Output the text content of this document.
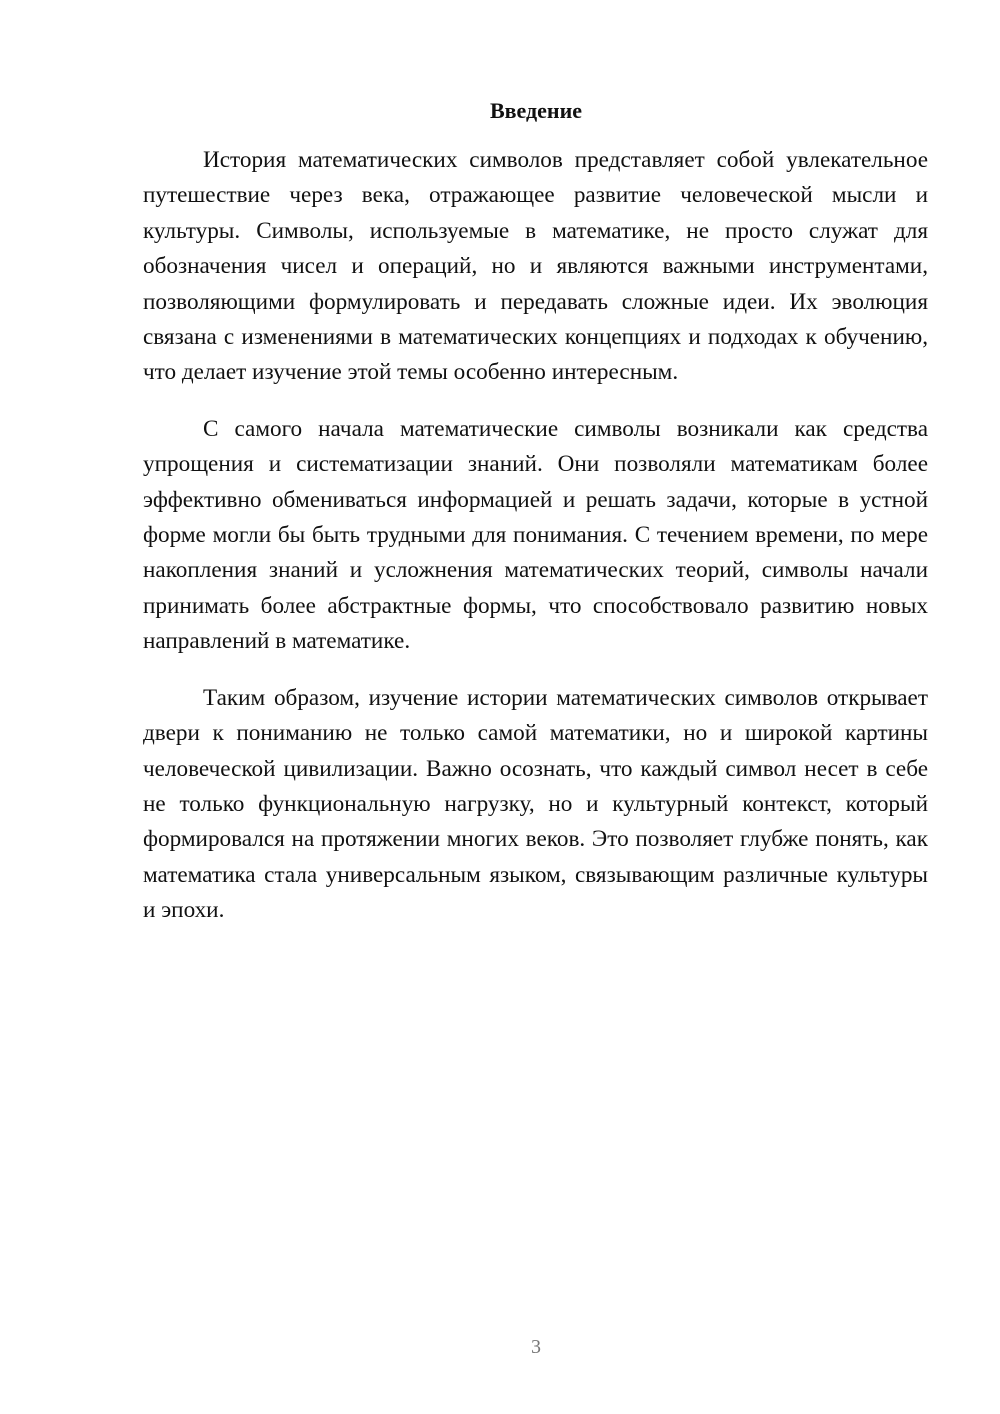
Введение

История математических символов представляет собой увлекательное путешествие через века, отражающее развитие человеческой мысли и культуры. Символы, используемые в математике, не просто служат для обозначения чисел и операций, но и являются важными инструментами, позволяющими формулировать и передавать сложные идеи. Их эволюция связана с изменениями в математических концепциях и подходах к обучению, что делает изучение этой темы особенно интересным.

С самого начала математические символы возникали как средства упрощения и систематизации знаний. Они позволяли математикам более эффективно обмениваться информацией и решать задачи, которые в устной форме могли бы быть трудными для понимания. С течением времени, по мере накопления знаний и усложнения математических теорий, символы начали принимать более абстрактные формы, что способствовало развитию новых направлений в математике.

Таким образом, изучение истории математических символов открывает двери к пониманию не только самой математики, но и широкой картины человеческой цивилизации. Важно осознать, что каждый символ несет в себе не только функциональную нагрузку, но и культурный контекст, который формировался на протяжении многих веков. Это позволяет глубже понять, как математика стала универсальным языком, связывающим различные культуры и эпохи.

3
